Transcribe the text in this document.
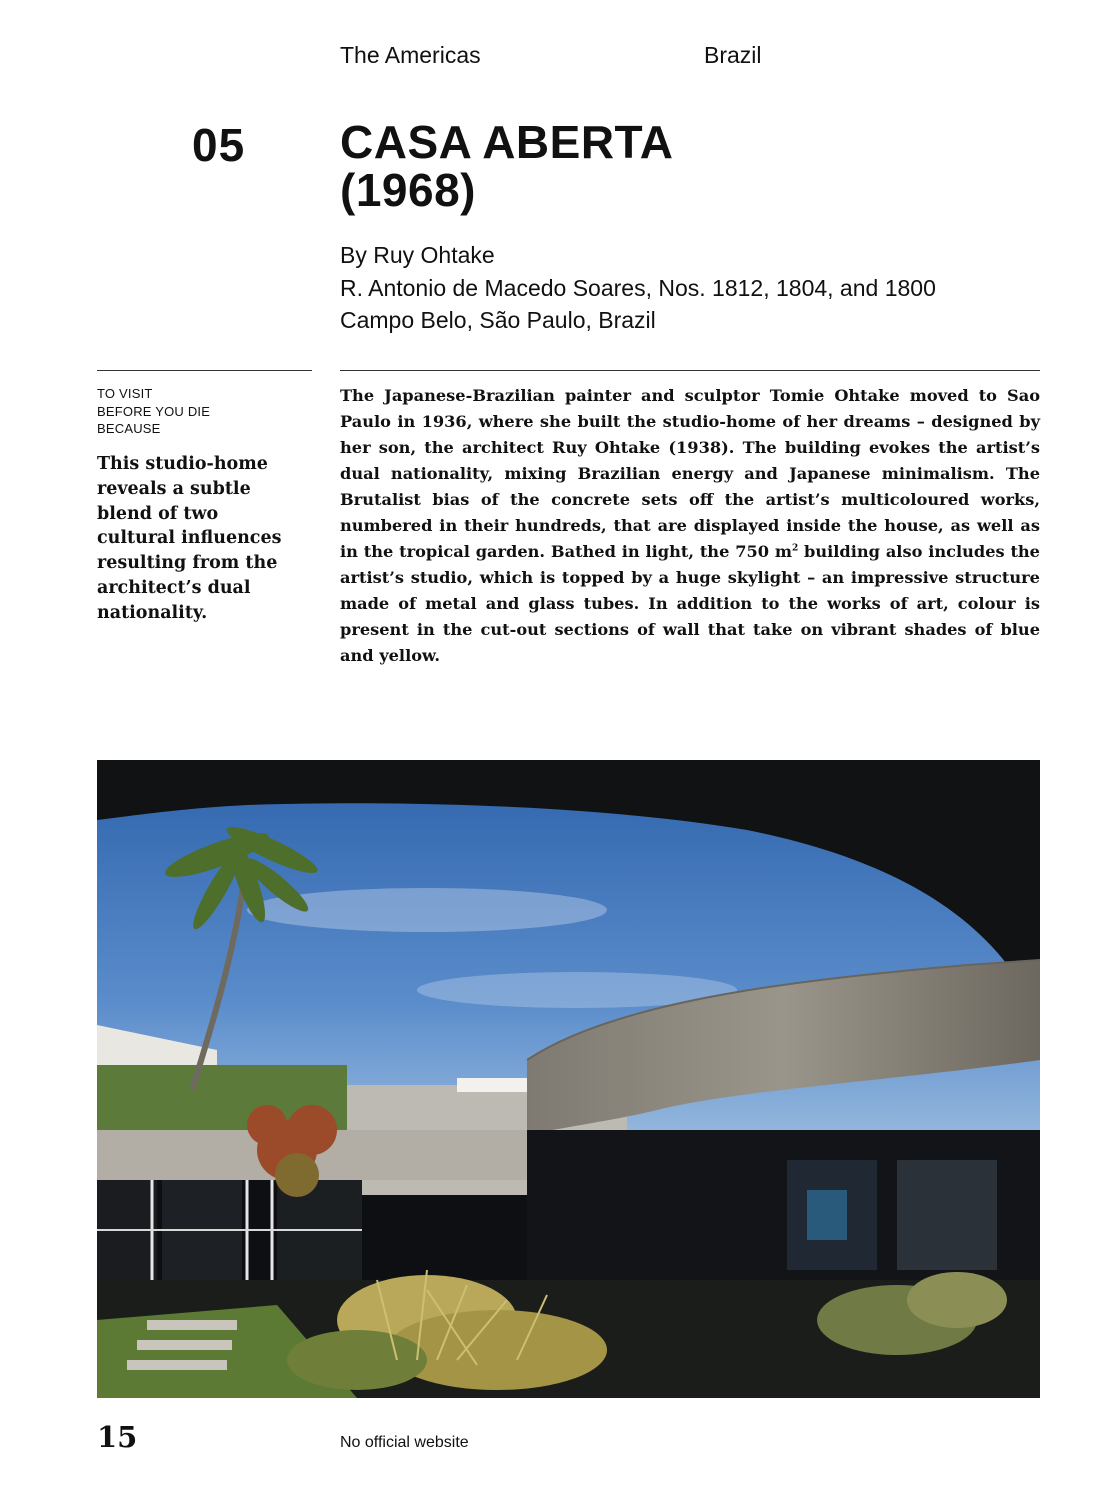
The Americas	Brazil
05 CASA ABERTA
(1968)
By Ruy Ohtake
R. Antonio de Macedo Soares, Nos. 1812, 1804, and 1800
Campo Belo, São Paulo, Brazil
TO VISIT
BEFORE YOU DIE
BECAUSE

This studio-home reveals a subtle blend of two cultural influences resulting from the architect’s dual nationality.

The Japanese-Brazilian painter and sculptor Tomie Ohtake moved to Sao Paulo in 1936, where she built the studio-home of her dreams – designed by her son, the architect Ruy Ohtake (1938). The building evokes the artist’s dual nationality, mixing Brazilian energy and Japanese minimalism. The Brutalist bias of the concrete sets off the artist’s multicoloured works, numbered in their hundreds, that are displayed inside the house, as well as in the tropical garden. Bathed in light, the 750 $m^2$ building also includes the artist’s studio, which is topped by a huge skylight – an impressive structure made of metal and glass tubes. In addition to the works of art, colour is present in the cut-out sections of wall that take on vibrant shades of blue and yellow.

15	No official website
